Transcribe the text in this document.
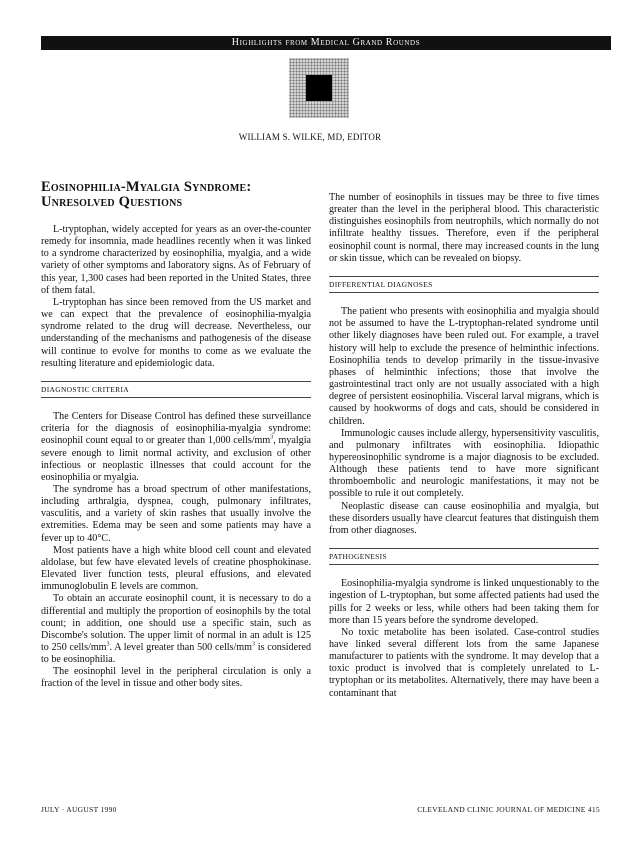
Highlights from Medical Grand Rounds
WILLIAM S. WILKE, MD, EDITOR
Eosinophilia-Myalgia Syndrome: Unresolved Questions

L-tryptophan, widely accepted for years as an over-the-counter remedy for insomnia, made headlines recently when it was linked to a syndrome characterized by eosinophilia, myalgia, and a wide variety of other symptoms and laboratory signs. As of February of this year, 1,300 cases had been reported in the United States, three of them fatal.

L-tryptophan has since been removed from the US market and we can expect that the prevalence of eosinophilia-myalgia syndrome related to the drug will decrease. Nevertheless, our understanding of the mechanisms and pathogenesis of the disease will continue to evolve for months to come as we evaluate the resulting literature and epidemiologic data.

DIAGNOSTIC CRITERIA

The Centers for Disease Control has defined these surveillance criteria for the diagnosis of eosinophilia-myalgia syndrome: eosinophil count equal to or greater than 1,000 cells/$mm^3$, myalgia severe enough to limit normal activity, and exclusion of other infectious or neoplastic illnesses that could account for the eosinophilia or myalgia.

The syndrome has a broad spectrum of other manifestations, including arthralgia, dyspnea, cough, pulmonary infiltrates, vasculitis, and a variety of skin rashes that usually involve the extremities. Edema may be seen and some patients may have a fever up to 40°C.

Most patients have a high white blood cell count and elevated aldolase, but few have elevated levels of creatine phosphokinase. Elevated liver function tests, pleural effusions, and elevated immunoglobulin E levels are common.

To obtain an accurate eosinophil count, it is necessary to do a differential and multiply the proportion of eosinophils by the total count; in addition, one should use a specific stain, such as Discombe's solution. The upper limit of normal in an adult is 125 to 250 cells/$mm^3$. A level greater than 500 cells/$mm^3$ is considered to be eosinophilia.

The eosinophil level in the peripheral circulation is only a fraction of the level in tissue and other body sites.

The number of eosinophils in tissues may be three to five times greater than the level in the peripheral blood. This characteristic distinguishes eosinophils from neutrophils, which normally do not infiltrate healthy tissues. Therefore, even if the peripheral eosinophil count is normal, there may increased counts in the lung or skin tissue, which can be revealed on biopsy.

DIFFERENTIAL DIAGNOSES

The patient who presents with eosinophilia and myalgia should not be assumed to have the L-tryptophan-related syndrome until other likely diagnoses have been ruled out. For example, a travel history will help to exclude the presence of helminthic infections. Eosinophilia tends to develop primarily in the tissue-invasive phases of helminthic infections; those that involve the gastrointestinal tract only are not usually associated with a high degree of persistent eosinophilia. Visceral larval migrans, which is caused by hookworms of dogs and cats, should be considered in children.

Immunologic causes include allergy, hypersensitivity vasculitis, and pulmonary infiltrates with eosinophilia. Idiopathic hypereosinophilic syndrome is a major diagnosis to be excluded. Although these patients tend to have more significant thromboembolic and neurologic manifestations, it may not be possible to rule it out completely.

Neoplastic disease can cause eosinophilia and myalgia, but these disorders usually have clearcut features that distinguish them from other diagnoses.

PATHOGENESIS

Eosinophilia-myalgia syndrome is linked unquestionably to the ingestion of L-tryptophan, but some affected patients had used the pills for 2 weeks or less, while others had been taking them for more than 15 years before the syndrome developed.

No toxic metabolite has been isolated. Case-control studies have linked several different lots from the same Japanese manufacturer to patients with the syndrome. It may develop that a toxic product is involved that is completely unrelated to L-tryptophan or its metabolites. Alternatively, there may have been a contaminant that

JULY · AUGUST 1990	CLEVELAND CLINIC JOURNAL OF MEDICINE 415
